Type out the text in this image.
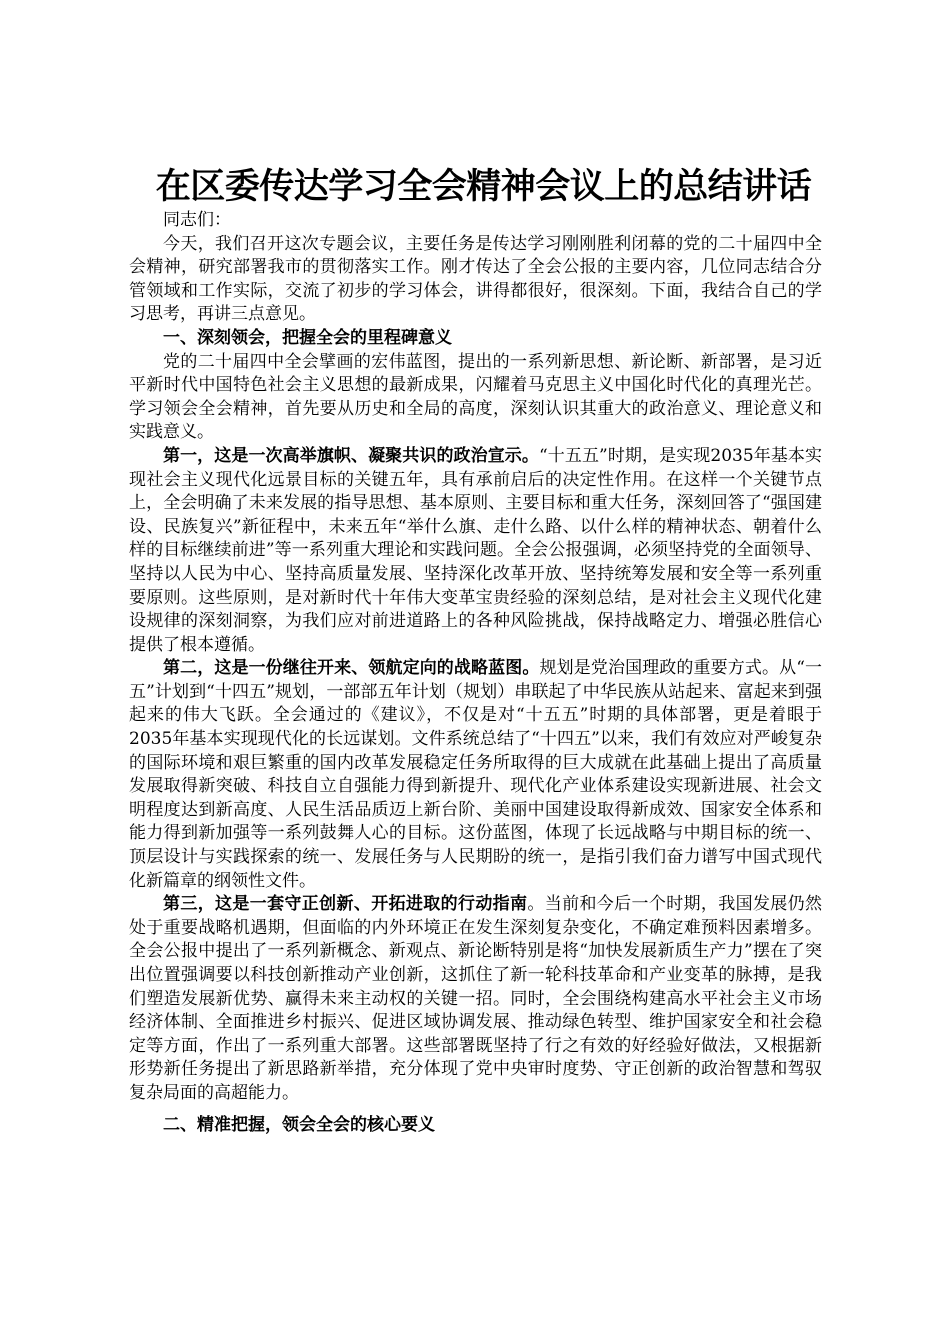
在区委传达学习全会精神会议上的总结讲话

同志们：

今天，我们召开这次专题会议，主要任务是传达学习刚刚胜利闭幕的党的二十届四中全会精神，研究部署我市的贯彻落实工作。刚才传达了全会公报的主要内容，几位同志结合分管领域和工作实际，交流了初步的学习体会，讲得都很好，很深刻。下面，我结合自己的学习思考，再讲三点意见。

一、深刻领会，把握全会的里程碑意义

党的二十届四中全会擘画的宏伟蓝图，提出的一系列新思想、新论断、新部署，是习近平新时代中国特色社会主义思想的最新成果，闪耀着马克思主义中国化时代化的真理光芒。学习领会全会精神，首先要从历史和全局的高度，深刻认识其重大的政治意义、理论意义和实践意义。

第一，这是一次高举旗帜、凝聚共识的政治宣示。“十五五”时期，是实现2035年基本实现社会主义现代化远景目标的关键五年，具有承前启后的决定性作用。在这样一个关键节点上，全会明确了未来发展的指导思想、基本原则、主要目标和重大任务，深刻回答了“强国建设、民族复兴”新征程中，未来五年“举什么旗、走什么路、以什么样的精神状态、朝着什么样的目标继续前进”等一系列重大理论和实践问题。全会公报强调，必须坚持党的全面领导、坚持以人民为中心、坚持高质量发展、坚持深化改革开放、坚持统筹发展和安全等一系列重要原则。这些原则，是对新时代十年伟大变革宝贵经验的深刻总结，是对社会主义现代化建设规律的深刻洞察，为我们应对前进道路上的各种风险挑战，保持战略定力、增强必胜信心提供了根本遵循。

第二，这是一份继往开来、领航定向的战略蓝图。规划是党治国理政的重要方式。从“一五”计划到“十四五”规划，一部部五年计划（规划）串联起了中华民族从站起来、富起来到强起来的伟大飞跃。全会通过的《建议》，不仅是对“十五五”时期的具体部署，更是着眼于2035年基本实现现代化的长远谋划。文件系统总结了“十四五”以来，我们有效应对严峻复杂的国际环境和艰巨繁重的国内改革发展稳定任务所取得的巨大成就在此基础上提出了高质量发展取得新突破、科技自立自强能力得到新提升、现代化产业体系建设实现新进展、社会文明程度达到新高度、人民生活品质迈上新台阶、美丽中国建设取得新成效、国家安全体系和能力得到新加强等一系列鼓舞人心的目标。这份蓝图，体现了长远战略与中期目标的统一、顶层设计与实践探索的统一、发展任务与人民期盼的统一，是指引我们奋力谱写中国式现代化新篇章的纲领性文件。

第三，这是一套守正创新、开拓进取的行动指南。当前和今后一个时期，我国发展仍然处于重要战略机遇期，但面临的内外环境正在发生深刻复杂变化，不确定难预料因素增多。全会公报中提出了一系列新概念、新观点、新论断特别是将“加快发展新质生产力”摆在了突出位置强调要以科技创新推动产业创新，这抓住了新一轮科技革命和产业变革的脉搏，是我们塑造发展新优势、赢得未来主动权的关键一招。同时，全会围绕构建高水平社会主义市场经济体制、全面推进乡村振兴、促进区域协调发展、推动绿色转型、维护国家安全和社会稳定等方面，作出了一系列重大部署。这些部署既坚持了行之有效的好经验好做法，又根据新形势新任务提出了新思路新举措，充分体现了党中央审时度势、守正创新的政治智慧和驾驭复杂局面的高超能力。

二、精准把握，领会全会的核心要义
